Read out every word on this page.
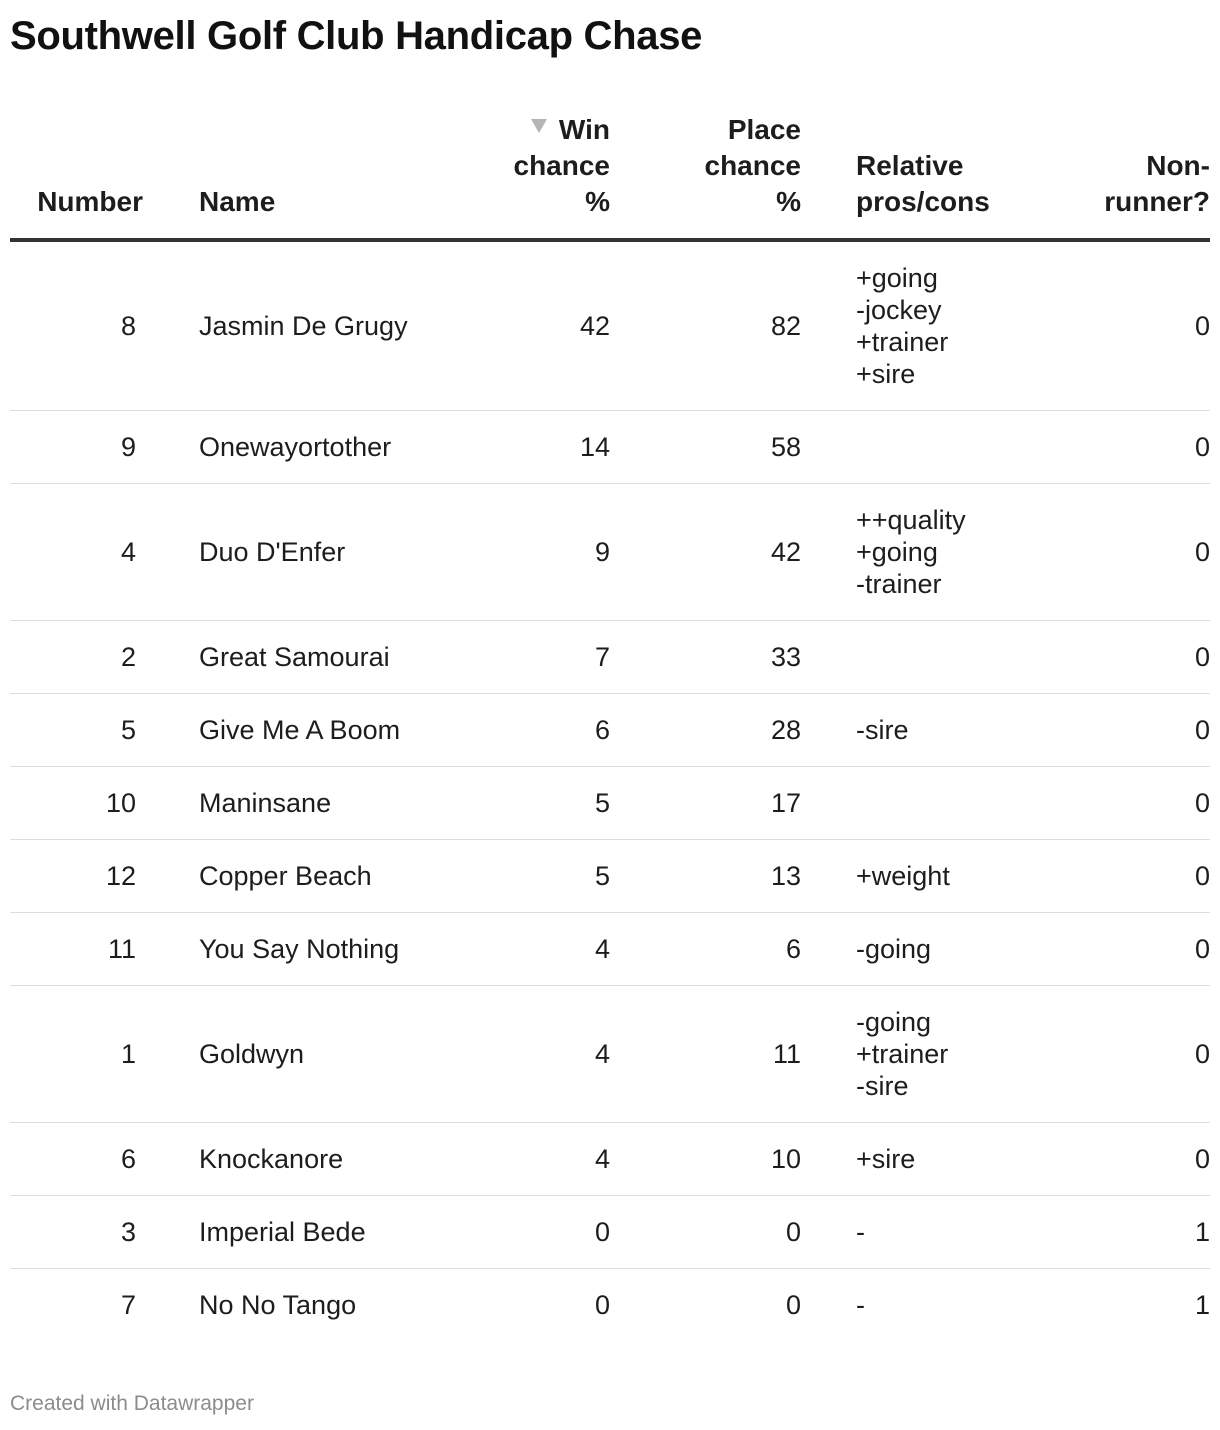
Southwell Golf Club Handicap Chase
Number	Name	Win
chance
%	Place
chance
%	Relative
pros/cons	Non-
runner?
8	Jasmin De Grugy	42	82	+going
-jockey
+trainer
+sire	0
9	Onewayortother	14	58		0
4	Duo D'Enfer	9	42	++quality
+going
-trainer	0
2	Great Samourai	7	33		0
5	Give Me A Boom	6	28	-sire	0
10	Maninsane	5	17		0
12	Copper Beach	5	13	+weight	0
11	You Say Nothing	4	6	-going	0
1	Goldwyn	4	11	-going
+trainer
-sire	0
6	Knockanore	4	10	+sire	0
3	Imperial Bede	0	0	-	1
7	No No Tango	0	0	-	1
Created with Datawrapper
